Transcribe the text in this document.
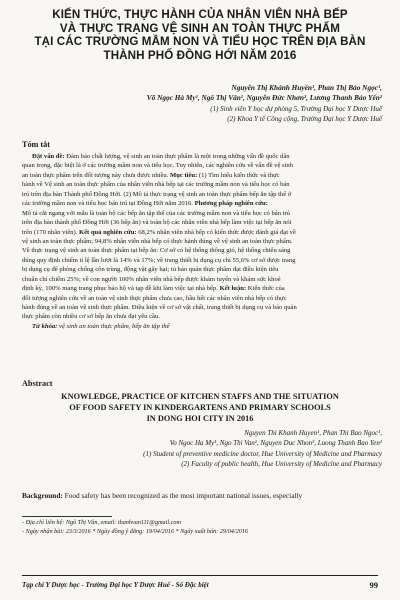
KIẾN THỨC, THỰC HÀNH CỦA NHÂN VIÊN NHÀ BẾP
VÀ THỰC TRẠNG VỆ SINH AN TOÀN THỰC PHẨM
TẠI CÁC TRƯỜNG MẦM NON VÀ TIỂU HỌC TRÊN ĐỊA BÀN
THÀNH PHỐ ĐỒNG HỚI NĂM 2016
Nguyễn Thị Khánh Huyền¹, Phan Thị Bảo Ngọc¹,
Võ Ngọc Hà My¹, Ngô Thị Vân¹, Nguyễn Đức Nhơn², Lương Thanh Bảo Yến²
(1) Sinh viên Y học dự phòng 5, Trường Đại học Y Dược Huế
(2) Khoa Y tế Công cộng, Trường Đại học Y Dược Huế
Tóm tắt
Đặt vấn đề: Đảm bảo chất lượng, vệ sinh an toàn thực phẩm là một trong những vấn đề quốc dân
quan trọng, đặc biệt là ở các trường mầm non và tiểu học. Tuy nhiên, các nghiên cứu về vấn đề vệ sinh
an toàn thực phẩm trên đối tượng này chưa được nhiều. Mục tiêu: (1) Tìm hiểu kiến thức và thực
hành về Vệ sinh an toàn thực phẩm của nhân viên nhà bếp tại các trường mầm non và tiểu học có bán
trú trên địa bàn Thành phố Đồng Hới. (2) Mô tả thực trạng vệ sinh an toàn thực phẩm bếp ăn tập thể ở
các trường mầm non và tiểu học bán trú tại Đồng Hới năm 2016. Phương pháp nghiên cứu:
Mô tả cắt ngang với mẫu là toàn bộ các bếp ăn tập thể của các trường mầm non và tiểu học có bán trú
trên địa bàn thành phố Đồng Hới (36 bếp ăn) và toàn bộ các nhân viên nhà bếp làm việc tại bếp ăn nói
trên (170 nhân viên). Kết quả nghiên cứu: 68,2% nhân viên nhà bếp có kiến thức được đánh giá đạt về
vệ sinh an toàn thực phẩm; 94,8% nhân viên nhà bếp có thực hành đúng về vệ sinh an toàn thực phẩm.
Về thực trạng vệ sinh an toàn thực phẩm tại bếp ăn: Cơ sở có hệ thống thông gió, hệ thống chiếu sáng
đúng quy định chiếm tỉ lệ lần lượt là 14% và 17%; về trang thiết bị dụng cụ chỉ 55,6% cơ sở được trang
bị dụng cụ để phòng chống côn trùng, động vật gây hại; tủ bảo quản thực phẩm đạt điều kiện tiêu
chuẩn chỉ chiếm 25%; về con người 100% nhân viên nhà bếp được khám tuyển và khám sức khoẻ
định kỳ, 100% mang trang phục bảo hộ và tạp dề khi làm việc tại nhà bếp. Kết luận: Kiến thức của
đối tượng nghiên cứu về an toàn vệ sinh thực phẩm chưa cao, hầu hết các nhân viên nhà bếp có thực
hành đúng về an toàn vệ sinh thực phẩm. Điều kiện về cơ sở vật chất, trang thiết bị dụng cụ và bảo quản
thực phẩm còn nhiều cơ sở bếp ăn chưa đạt yêu cầu.
Từ khóa: vệ sinh an toàn thực phẩm, bếp ăn tập thể
Abstract
KNOWLEDGE, PRACTICE OF KITCHEN STAFFS AND THE SITUATION
OF FOOD SAFETY IN KINDERGARTENS AND PRIMARY SCHOOLS
IN DONG HOI CITY IN 2016
Nguyen Thi Khanh Huyen¹, Phan Thi Bao Ngoc¹,
Vo Ngoc Ha My¹, Ngo Thi Van¹, Nguyen Duc Nhon², Luong Thanh Bao Yen²
(1) Student of preventive medicine doctor, Hue University of Medicine and Pharmacy
(2) Faculty of public health, Hue University of Medicine and Pharmacy
Background: Food safety has been recognized as the most important national issues, especially
- Địa chỉ liên hệ: Ngô Thị Vân, email: thanhvan111@gmail.com
- Ngày nhận bài: 23/3/2016 * Ngày đồng ý đăng: 19/04/2016 * Ngày xuất bản: 29/04/2016
Tạp chí Y Dược học - Trường Đại học Y Dược Huế - Số Đặc biệt	99
